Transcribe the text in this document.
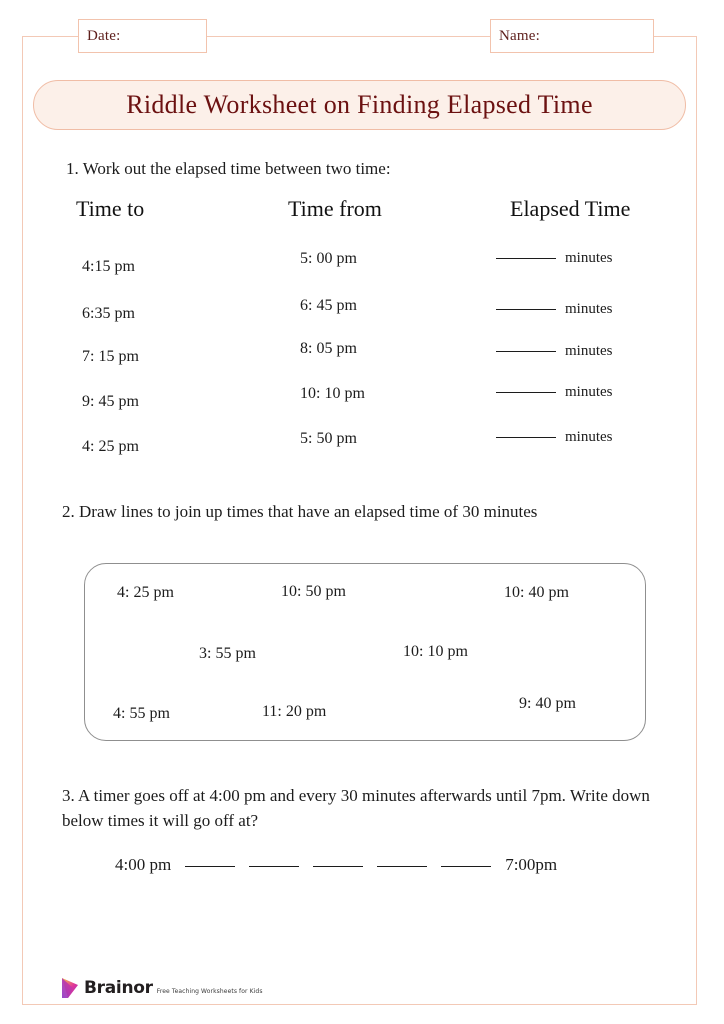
Date:	Name:
Riddle Worksheet on Finding Elapsed Time
1. Work out the elapsed time between two time:
Time to	Time from	Elapsed Time
4:15 pm	5: 00 pm	minutes
6:35 pm	6: 45 pm	minutes
7: 15 pm	8: 05 pm	minutes
9: 45 pm	10: 10 pm	minutes
4: 25 pm	5: 50 pm	minutes
2. Draw lines to join up times that have an elapsed time of 30 minutes
4: 25 pm	10: 50 pm	10: 40 pm
3: 55 pm	10: 10 pm
4: 55 pm	11: 20 pm	9: 40 pm
3. A timer goes off at 4:00 pm and every 30 minutes afterwards until 7pm. Write down below times it will go off at?
4:00 pm	7:00pm
Brainor Free Teaching Worksheets for Kids
